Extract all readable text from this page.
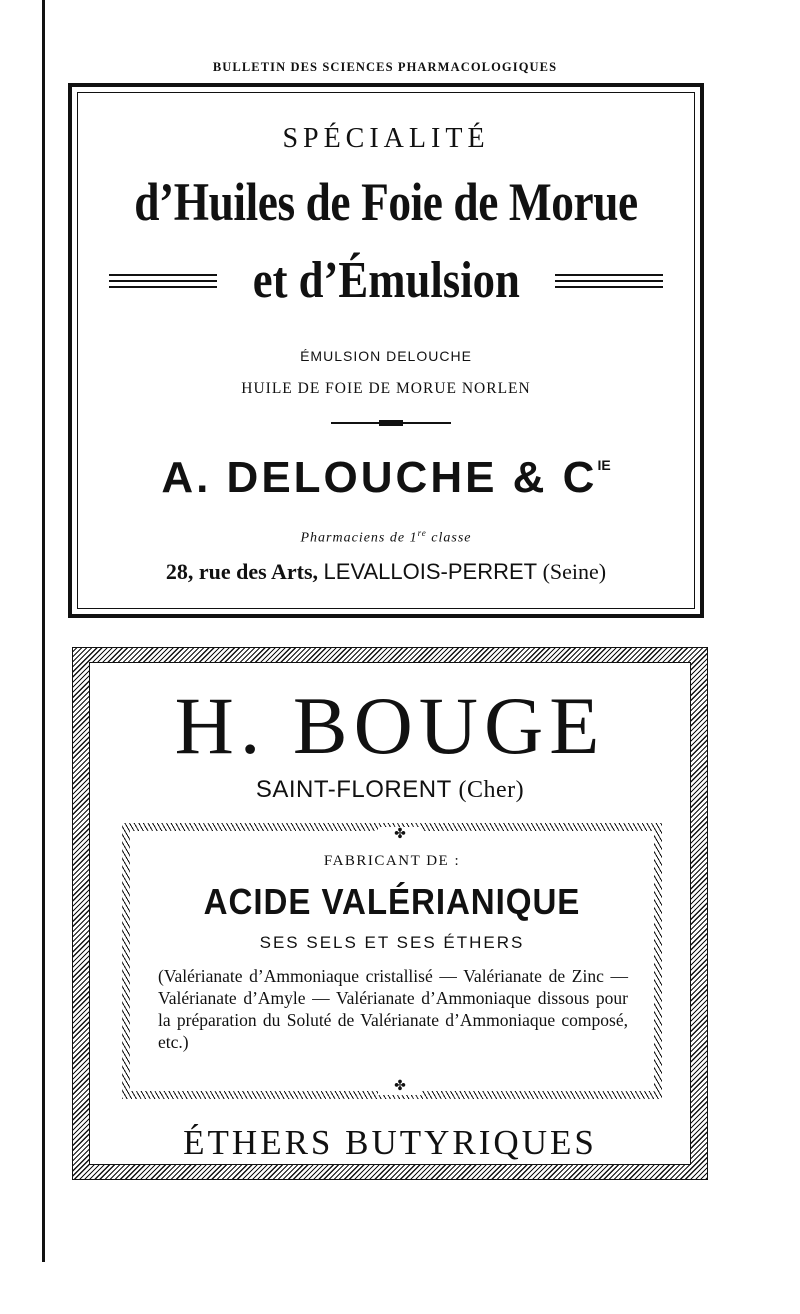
BULLETIN DES SCIENCES PHARMACOLOGIQUES
SPÉCIALITÉ
d’Huiles de Foie de Morue
et d’Émulsion
ÉMULSION DELOUCHE
HUILE DE FOIE DE MORUE NORLEN
A. DELOUCHE & $C^{IE}$
Pharmaciens de 1re classe
28, rue des Arts, LEVALLOIS-PERRET (Seine)
H. BOUGE
SAINT-FLORENT (Cher)
✤
FABRICANT DE :
ACIDE VALÉRIANIQUE
SES SELS ET SES ÉTHERS
(Valérianate d’Ammoniaque cristallisé — Valérianate de Zinc — Valérianate d’Amyle — Valérianate d’Ammoniaque dissous pour la préparation du Soluté de Valérianate d’Ammoniaque composé, etc.)
✤
ÉTHERS BUTYRIQUES
